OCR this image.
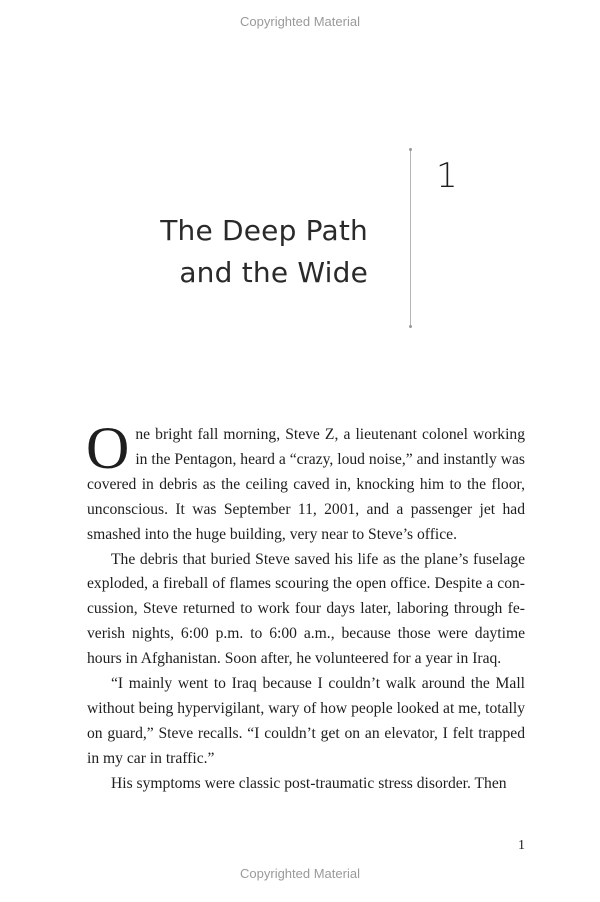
Copyrighted Material
1
The Deep Path
and the Wide

One bright fall morning, Steve Z, a lieutenant colonel working in the Pentagon, heard a “crazy, loud noise,” and instantly was covered in debris as the ceiling caved in, knocking him to the floor, unconscious. It was September 11, 2001, and a passenger jet had smashed into the huge building, very near to Steve’s office.

The debris that buried Steve saved his life as the plane’s fuselage exploded, a fireball of flames scouring the open office. Despite a concussion, Steve returned to work four days later, laboring through feverish nights, 6:00 p.m. to 6:00 a.m., because those were daytime hours in Afghanistan. Soon after, he volunteered for a year in Iraq.

“I mainly went to Iraq because I couldn’t walk around the Mall without being hypervigilant, wary of how people looked at me, totally on guard,” Steve recalls. “I couldn’t get on an elevator, I felt trapped in my car in traffic.”

His symptoms were classic post-traumatic stress disorder. Then

1
Copyrighted Material
